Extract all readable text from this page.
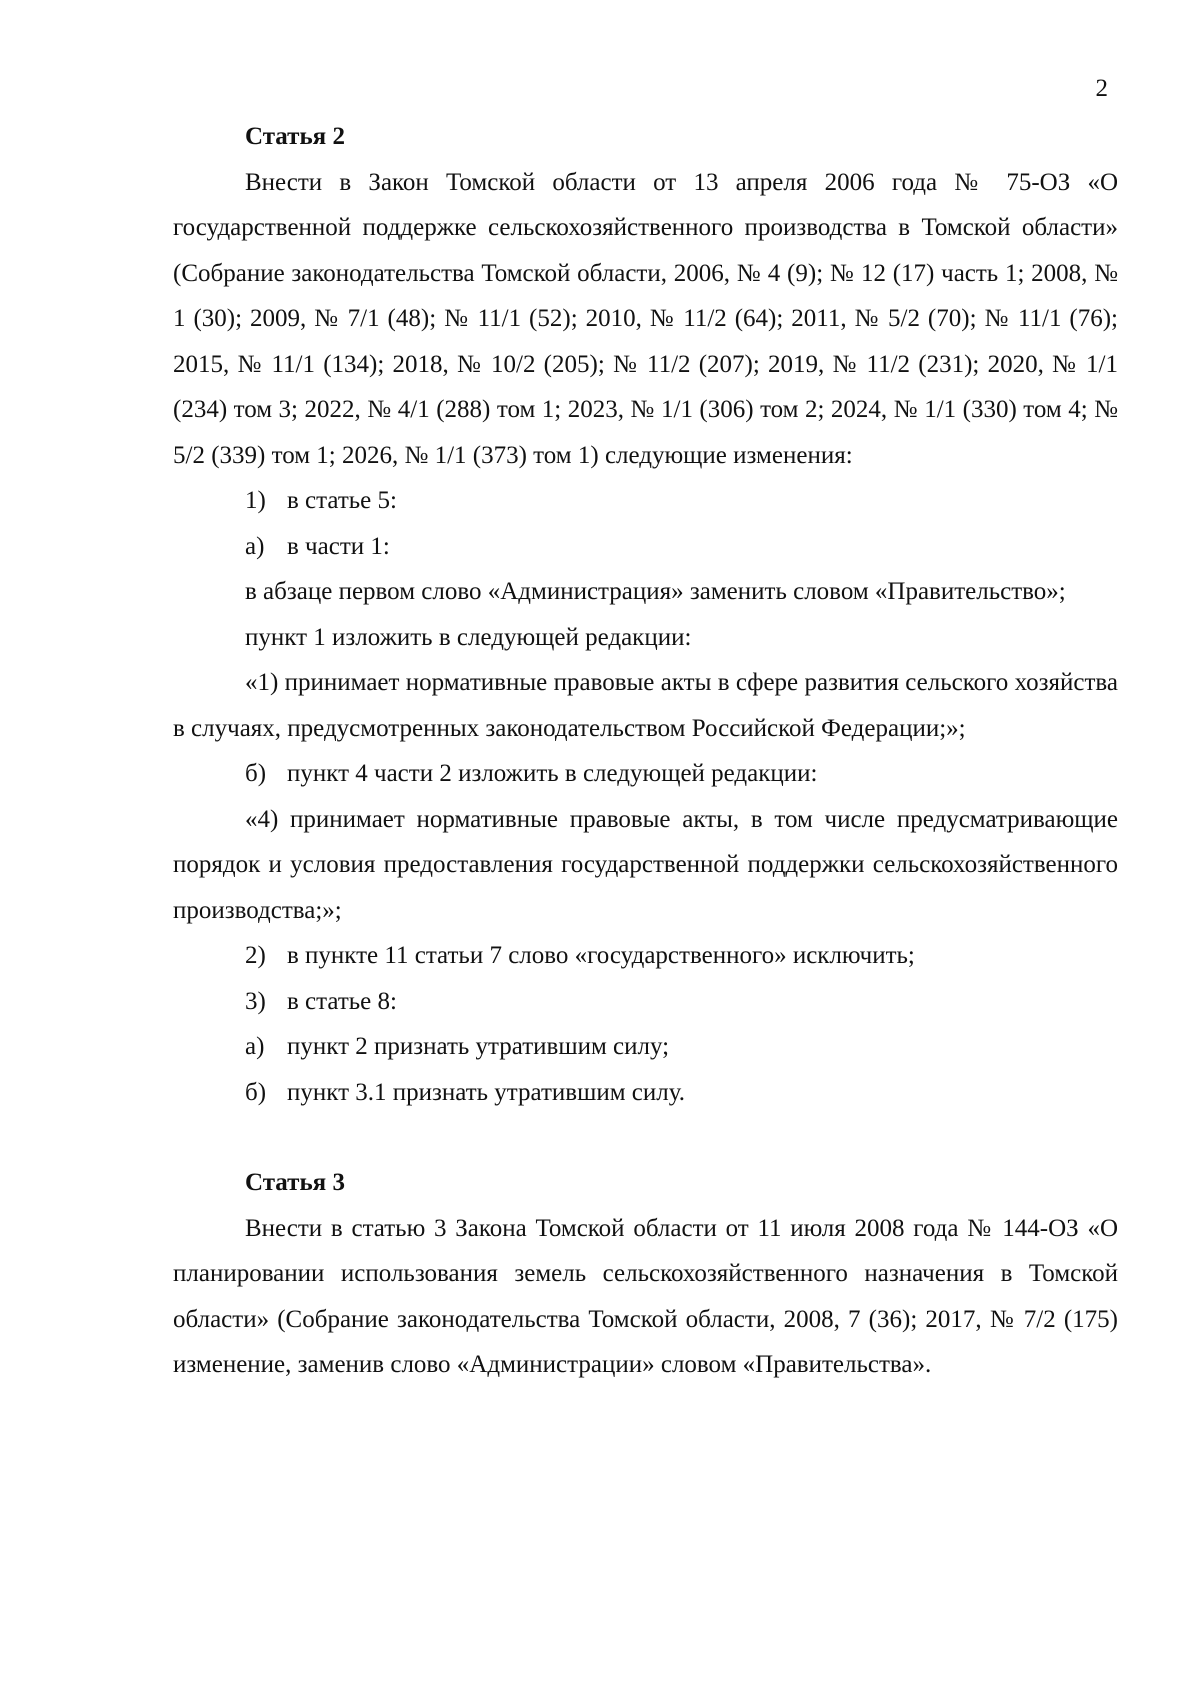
2
Статья 2

Внести в Закон Томской области от 13 апреля 2006 года № 75-ОЗ «О государственной поддержке сельскохозяйственного производства в Томской области» (Собрание законодательства Томской области, 2006, № 4 (9); № 12 (17) часть 1; 2008, № 1 (30); 2009, № 7/1 (48); № 11/1 (52); 2010, № 11/2 (64); 2011, № 5/2 (70); № 11/1 (76); 2015, № 11/1 (134); 2018, № 10/2 (205); № 11/2 (207); 2019, № 11/2 (231); 2020, № 1/1 (234) том 3; 2022, № 4/1 (288) том 1; 2023, № 1/1 (306) том 2; 2024, № 1/1 (330) том 4; № 5/2 (339) том 1; 2026, № 1/1 (373) том 1) следующие изменения:

1) в статье 5:
а) в части 1:
в абзаце первом слово «Администрация» заменить словом «Правительство»;
пункт 1 изложить в следующей редакции:

«1) принимает нормативные правовые акты в сфере развития сельского хозяйства в случаях, предусмотренных законодательством Российской Федерации;»;

б) пункт 4 части 2 изложить в следующей редакции:

«4) принимает нормативные правовые акты, в том числе предусматривающие порядок и условия предоставления государственной поддержки сельскохозяйственного производства;»;

2) в пункте 11 статьи 7 слово «государственного» исключить;
3) в статье 8:
а) пункт 2 признать утратившим силу;
б) пункт 3.1 признать утратившим силу.
Статья 3

Внести в статью 3 Закона Томской области от 11 июля 2008 года № 144-ОЗ «О планировании использования земель сельскохозяйственного назначения в Томской области» (Собрание законодательства Томской области, 2008, 7 (36); 2017, № 7/2 (175) изменение, заменив слово «Администрации» словом «Правительства».
